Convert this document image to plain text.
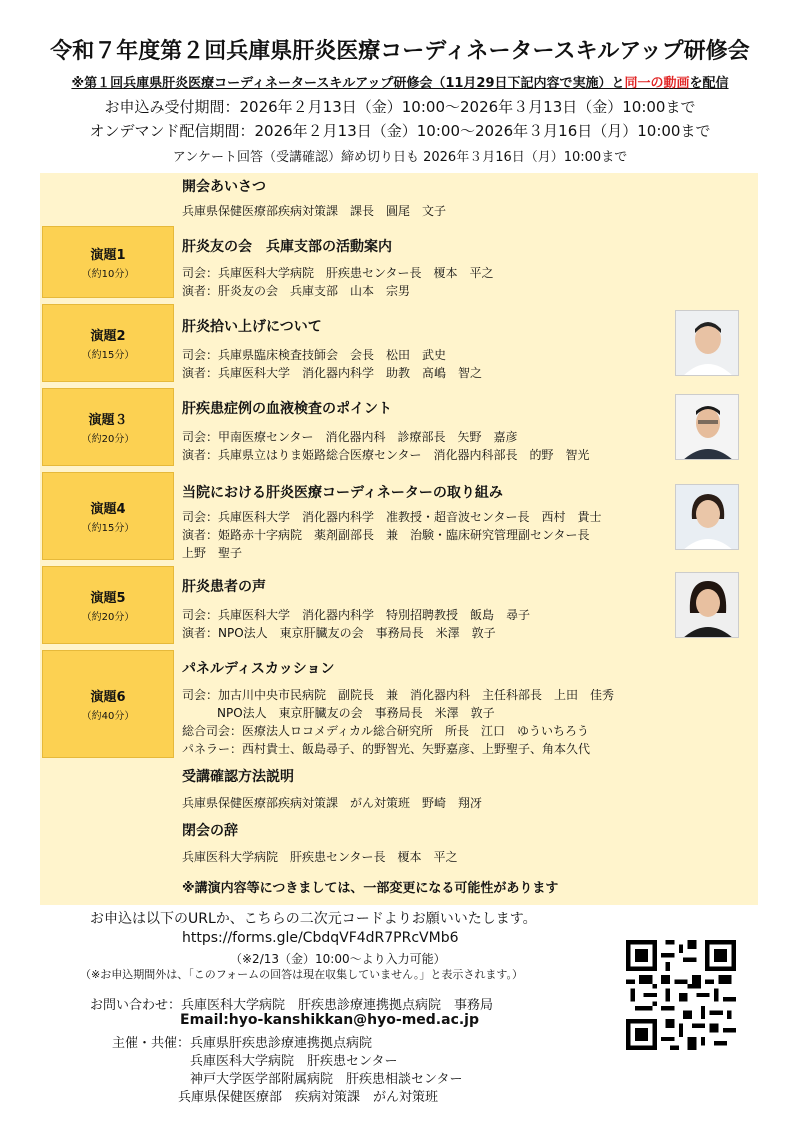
令和７年度第２回兵庫県肝炎医療コーディネータースキルアップ研修会
※第１回兵庫県肝炎医療コーディネータースキルアップ研修会（11月29日下記内容で実施）と同一の動画を配信
お申込み受付期間：2026年２月13日（金）10:00～2026年３月13日（金）10:00まで
オンデマンド配信期間：2026年２月13日（金）10:00～2026年３月16日（月）10:00まで
アンケート回答（受講確認）締め切り日も 2026年３月16日（月）10:00まで
開会あいさつ
兵庫県保健医療部疾病対策課　課長　圓尾　文子
演題1
（約10分）
肝炎友の会　兵庫支部の活動案内
司会：兵庫医科大学病院　肝疾患センター長　榎本　平之
演者：肝炎友の会　兵庫支部　山本　宗男
演題2
（約15分）
肝炎拾い上げについて
司会：兵庫県臨床検査技師会　会長　松田　武史
演者：兵庫医科大学　消化器内科学　助教　髙嶋　智之
演題３
（約20分）
肝疾患症例の血液検査のポイント
司会：甲南医療センター　消化器内科　診療部長　矢野　嘉彦
演者：兵庫県立はりま姫路総合医療センター　消化器内科部長　的野　智光
演題4
（約15分）
当院における肝炎医療コーディネーターの取り組み
司会：兵庫医科大学　消化器内科学　准教授・超音波センター長　西村　貴士
演者：姫路赤十字病院　薬剤副部長　兼　治験・臨床研究管理副センター長
上野　聖子
演題5
（約20分）
肝炎患者の声
司会：兵庫医科大学　消化器内科学　特別招聘教授　飯島　尋子
演者：NPO法人　東京肝臓友の会　事務局長　米澤　敦子
演題6
（約40分）
パネルディスカッション
司会：加古川中央市民病院　副院長　兼　消化器内科　主任科部長　上田　佳秀
NPO法人　東京肝臓友の会　事務局長　米澤　敦子
総合司会：医療法人ロコメディカル総合研究所　所長　江口　ゆういちろう
パネラー：西村貴士、飯島尋子、的野智光、矢野嘉彦、上野聖子、角本久代
受講確認方法説明
兵庫県保健医療部疾病対策課　がん対策班　野崎　翔冴
閉会の辞
兵庫医科大学病院　肝疾患センター長　榎本　平之
※講演内容等につきましては、一部変更になる可能性があります
お申込は以下のURLか、こちらの二次元コードよりお願いいたします。
https://forms.gle/CbdqVF4dR7PRcVMb6
（※2/13（金）10:00～より入力可能）
（※お申込期間外は、「このフォームの回答は現在収集していません。」と表示されます。）
お問い合わせ：兵庫医科大学病院　肝疾患診療連携拠点病院　事務局
Email:hyo-kanshikkan@hyo-med.ac.jp
主催・共催： 兵庫県肝疾患診療連携拠点病院
兵庫医科大学病院　肝疾患センター
神戸大学医学部附属病院　肝疾患相談センター
兵庫県保健医療部　疾病対策課　がん対策班
